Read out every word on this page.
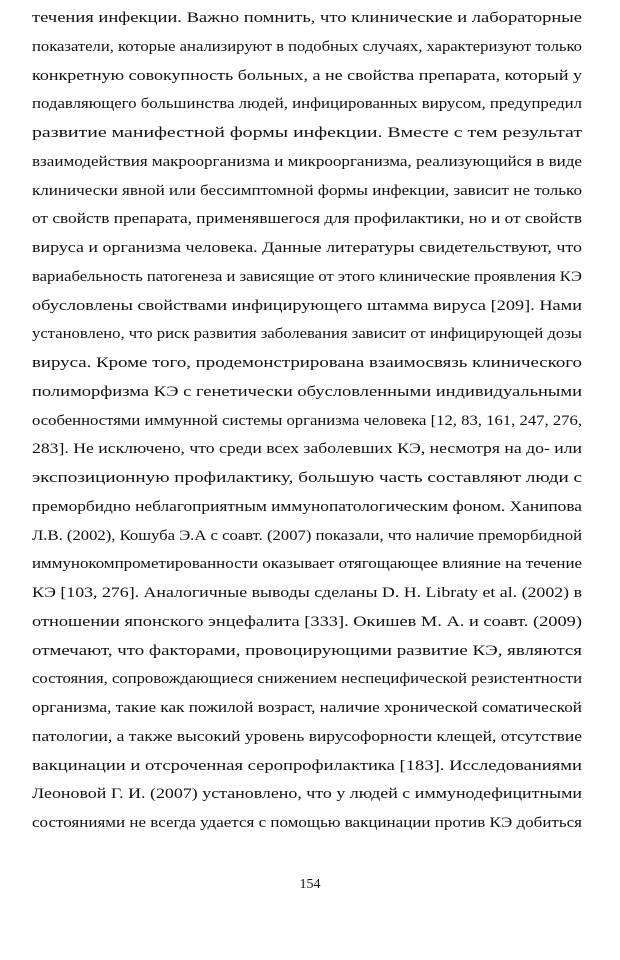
течения инфекции. Важно помнить, что клинические и лабораторные
показатели, которые анализируют в подобных случаях, характеризуют только
конкретную совокупность больных, а не свойства препарата, который у
подавляющего большинства людей, инфицированных вирусом, предупредил
развитие манифестной формы инфекции. Вместе с тем результат
взаимодействия макроорганизма и микроорганизма, реализующийся в виде
клинически явной или бессимптомной формы инфекции, зависит не только
от свойств препарата, применявшегося для профилактики, но и от свойств
вируса и организма человека. Данные литературы свидетельствуют, что
вариабельность патогенеза и зависящие от этого клинические проявления КЭ
обусловлены свойствами инфицирующего штамма вируса [209]. Нами
установлено, что риск развития заболевания зависит от инфицирующей дозы
вируса. Кроме того, продемонстрирована взаимосвязь клинического
полиморфизма КЭ с генетически обусловленными индивидуальными
особенностями иммунной системы организма человека [12, 83, 161, 247, 276,
283]. Не исключено, что среди всех заболевших КЭ, несмотря на до- или
экспозиционную профилактику, большую часть составляют люди с
преморбидно неблагоприятным иммунопатологическим фоном. Ханипова
Л.В. (2002), Кошуба Э.А с соавт. (2007) показали, что наличие преморбидной
иммунокомпрометированности оказывает отягощающее влияние на течение
КЭ [103, 276]. Аналогичные выводы сделаны D. H. Libraty et al. (2002) в
отношении японского энцефалита [333]. Окишев М. А. и соавт. (2009)
отмечают, что факторами, провоцирующими развитие КЭ, являются
состояния, сопровождающиеся снижением неспецифической резистентности
организма, такие как пожилой возраст, наличие хронической соматической
патологии, а также высокий уровень вирусофорности клещей, отсутствие
вакцинации и отсроченная серопрофилактика [183]. Исследованиями
Леоновой Г. И. (2007) установлено, что у людей с иммунодефицитными
состояниями не всегда удается с помощью вакцинации против КЭ добиться
154
